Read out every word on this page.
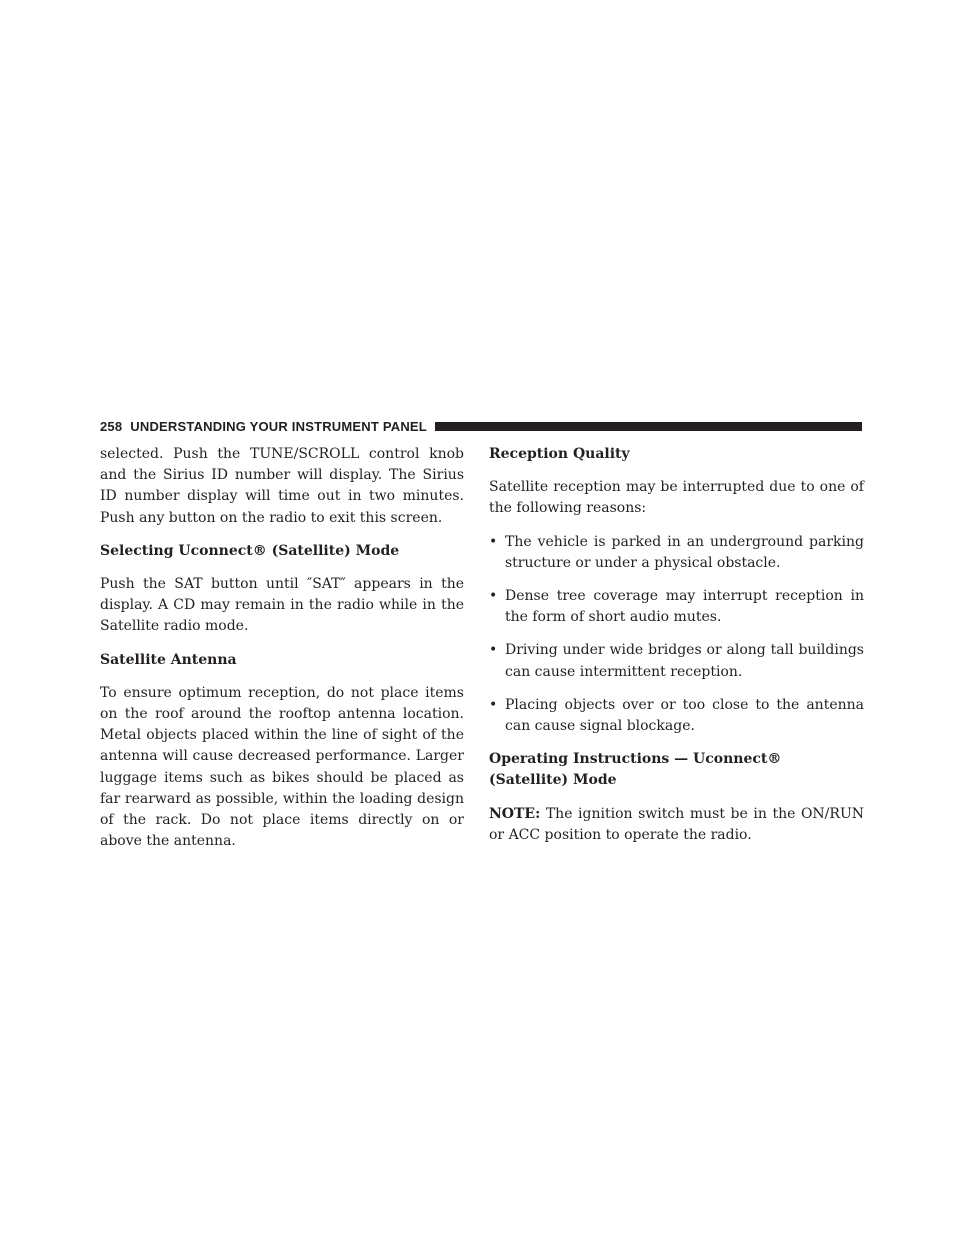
258 UNDERSTANDING YOUR INSTRUMENT PANEL

selected. Push the TUNE/SCROLL control knob and the Sirius ID number will display. The Sirius ID number display will time out in two minutes. Push any button on the radio to exit this screen.

Selecting Uconnect® (Satellite) Mode

Push the SAT button until ″SAT″ appears in the display. A CD may remain in the radio while in the Satellite radio mode.

Satellite Antenna

To ensure optimum reception, do not place items on the roof around the rooftop antenna location. Metal objects placed within the line of sight of the antenna will cause decreased performance. Larger luggage items such as bikes should be placed as far rearward as possible, within the loading design of the rack. Do not place items directly on or above the antenna.

Reception Quality

Satellite reception may be interrupted due to one of the following reasons:

• The vehicle is parked in an underground parking structure or under a physical obstacle.
• Dense tree coverage may interrupt reception in the form of short audio mutes.
• Driving under wide bridges or along tall buildings can cause intermittent reception.
• Placing objects over or too close to the antenna can cause signal blockage.
Operating Instructions — Uconnect® (Satellite) Mode

NOTE: The ignition switch must be in the ON/RUN or ACC position to operate the radio.
